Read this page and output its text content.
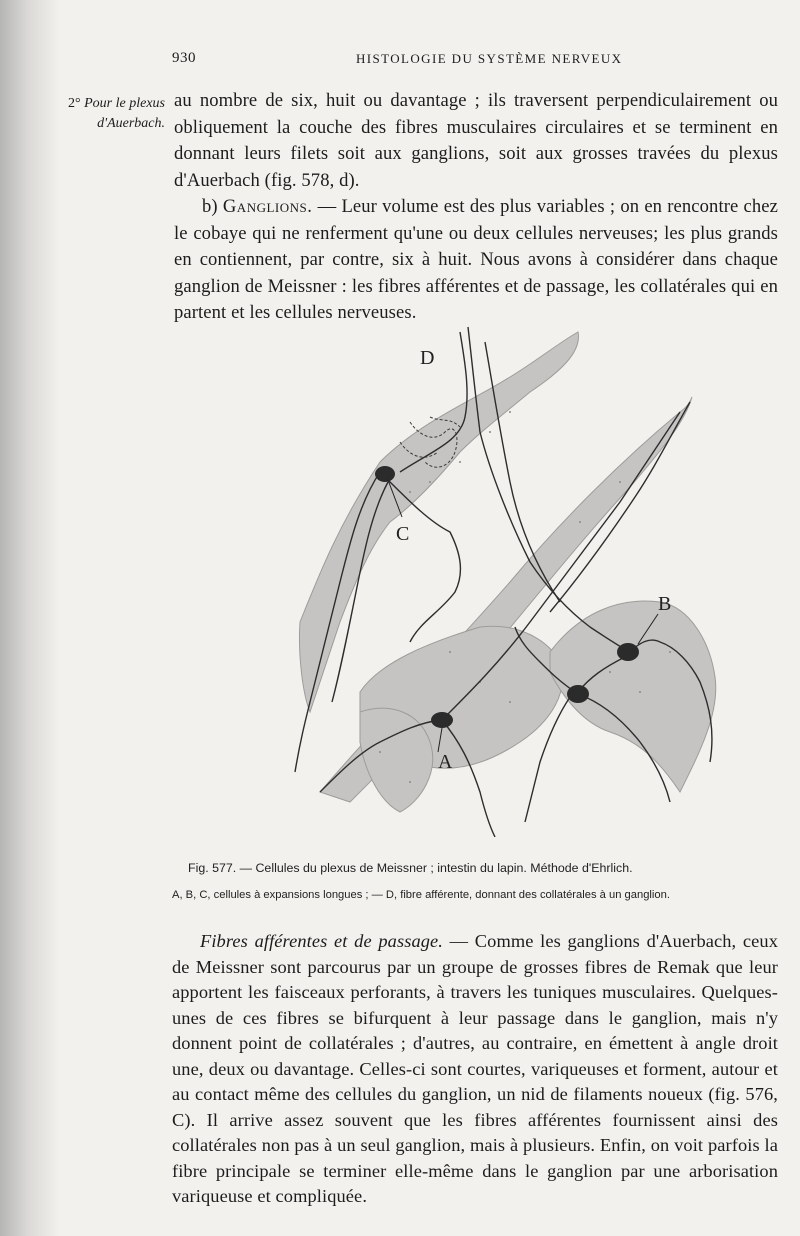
930	HISTOLOGIE DU SYSTÈME NERVEUX
2° Pour le plexus d'Auerbach.

au nombre de six, huit ou davantage ; ils traversent perpendiculairement ou obliquement la couche des fibres musculaires circulaires et se terminent en donnant leurs filets soit aux ganglions, soit aux grosses travées du plexus d'Auerbach (fig. 578, d).

b) Ganglions. — Leur volume est des plus variables ; on en rencontre chez le cobaye qui ne renferment qu'une ou deux cellules nerveuses; les plus grands en contiennent, par contre, six à huit. Nous avons à considérer dans chaque ganglion de Meissner : les fibres afférentes et de passage, les collatérales qui en partent et les cellules nerveuses.

D
C
B
A
Fig. 577. — Cellules du plexus de Meissner ; intestin du lapin. Méthode d'Ehrlich.
A, B, C, cellules à expansions longues ; — D, fibre afférente, donnant des collatérales à un ganglion.

Fibres afférentes et de passage. — Comme les ganglions d'Auerbach, ceux de Meissner sont parcourus par un groupe de grosses fibres de Remak que leur apportent les faisceaux perforants, à travers les tuniques musculaires. Quelques-unes de ces fibres se bifurquent à leur passage dans le ganglion, mais n'y donnent point de collatérales ; d'autres, au contraire, en émettent à angle droit une, deux ou davantage. Celles-ci sont courtes, variqueuses et forment, autour et au contact même des cellules du ganglion, un nid de filaments noueux (fig. 576, C). Il arrive assez souvent que les fibres afférentes fournissent ainsi des collatérales non pas à un seul ganglion, mais à plusieurs. Enfin, on voit parfois la fibre principale se terminer elle-même dans le ganglion par une arborisation variqueuse et compliquée.
